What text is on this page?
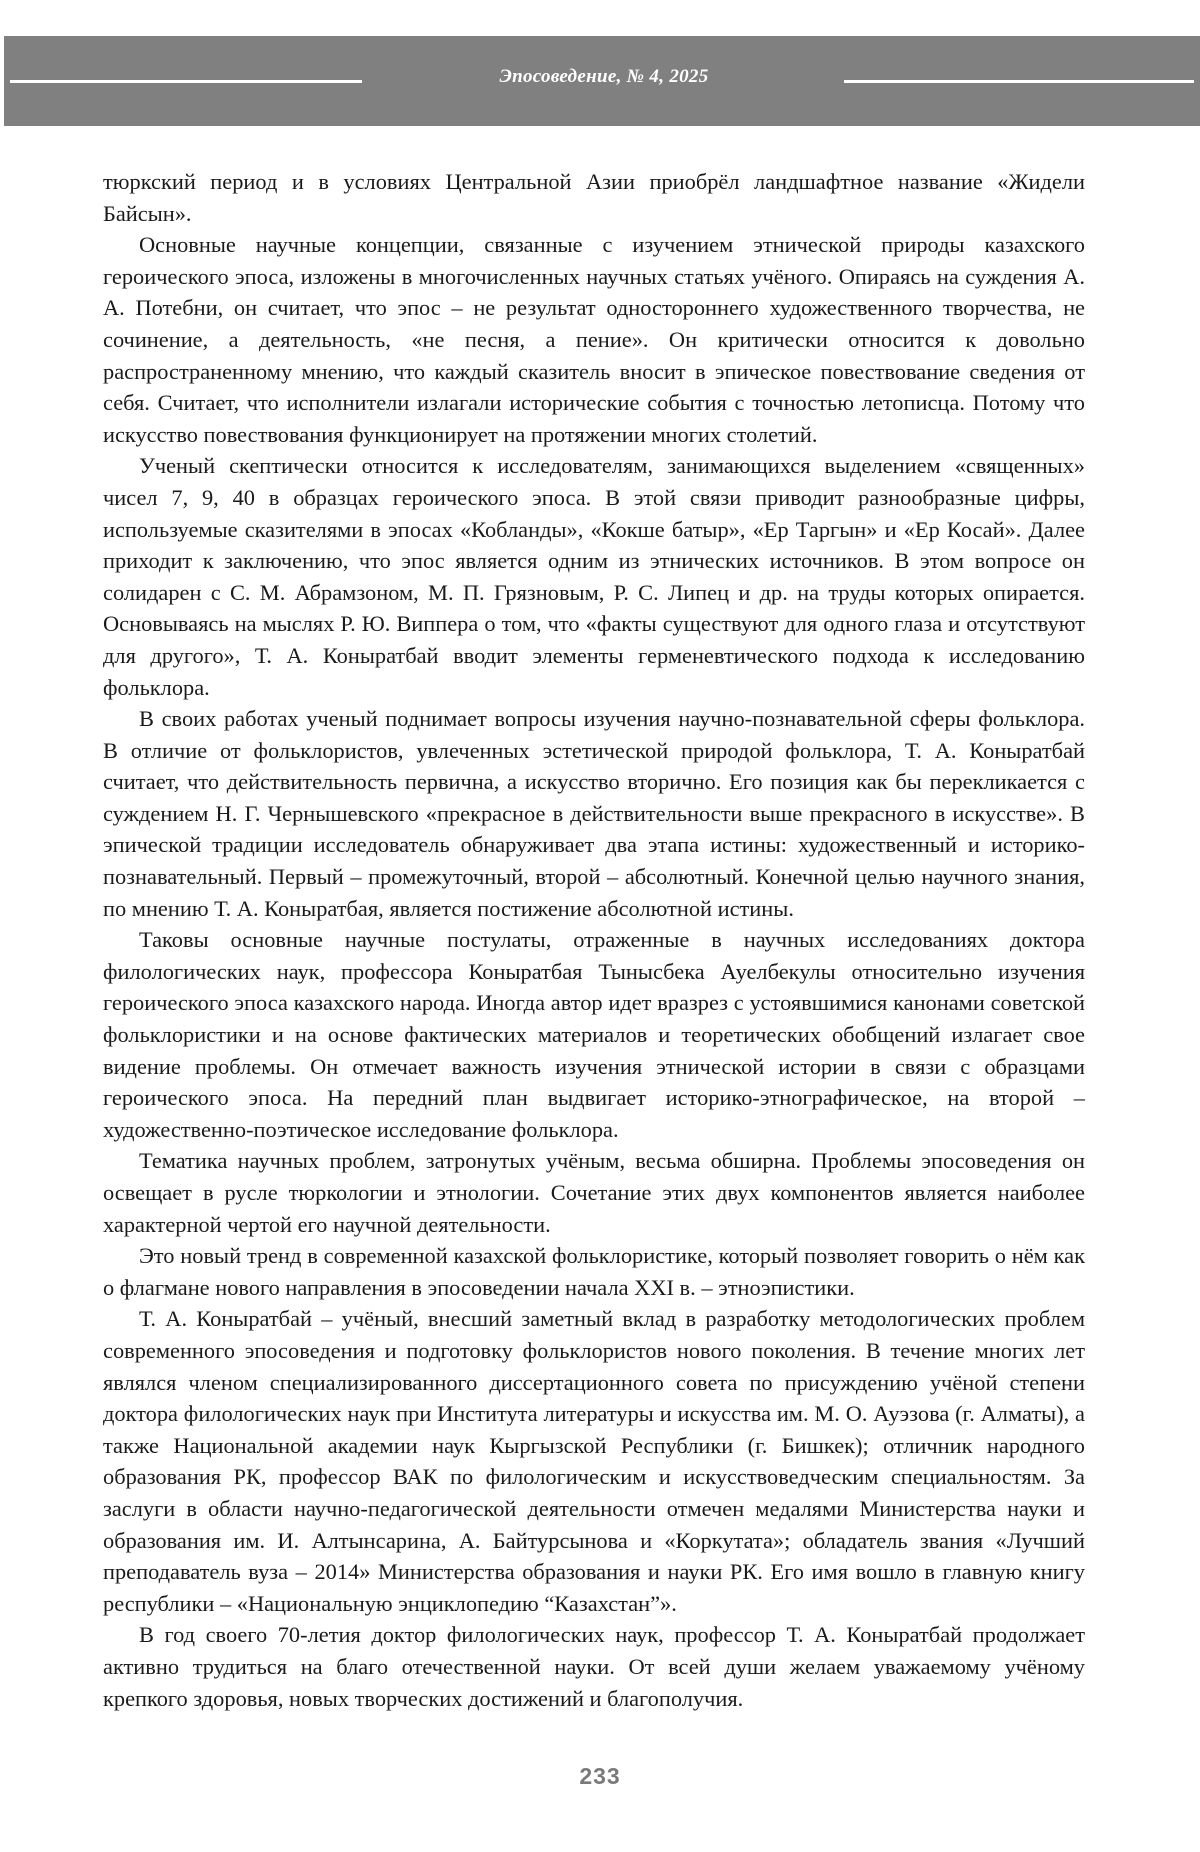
Эпосоведение, № 4, 2025

тюркский период и в условиях Центральной Азии приобрёл ландшафтное название «Жидели Байсын».

Основные научные концепции, связанные с изучением этнической природы казахского героического эпоса, изложены в многочисленных научных статьях учёного. Опираясь на суждения А. А. Потебни, он считает, что эпос – не результат одностороннего художественного творчества, не сочинение, а деятельность, «не песня, а пение». Он критически относится к довольно распространенному мнению, что каждый сказитель вносит в эпическое повествование сведения от себя. Считает, что исполнители излагали исторические события с точностью летописца. Потому что искусство повествования функционирует на протяжении многих столетий.

Ученый скептически относится к исследователям, занимающихся выделением «священных» чисел 7, 9, 40 в образцах героического эпоса. В этой связи приводит разнообразные цифры, используемые сказителями в эпосах «Кобланды», «Кокше батыр», «Ер Таргын» и «Ер Косай». Далее приходит к заключению, что эпос является одним из этнических источников. В этом вопросе он солидарен с С. М. Абрамзоном, М. П. Грязновым, Р. С. Липец и др. на труды которых опирается. Основываясь на мыслях Р. Ю. Виппера о том, что «факты существуют для одного глаза и отсутствуют для другого», Т. А. Коныратбай вводит элементы герменевтического подхода к исследованию фольклора.

В своих работах ученый поднимает вопросы изучения научно-познавательной сферы фольклора. В отличие от фольклористов, увлеченных эстетической природой фольклора, Т. А. Коныратбай считает, что действительность первична, а искусство вторично. Его позиция как бы перекликается с суждением Н. Г. Чернышевского «прекрасное в действительности выше прекрасного в искусстве». В эпической традиции исследователь обнаруживает два этапа истины: художественный и историко-познавательный. Первый – промежуточный, второй – абсолютный. Конечной целью научного знания, по мнению Т. А. Коныратбая, является постижение абсолютной истины.

Таковы основные научные постулаты, отраженные в научных исследованиях доктора филологических наук, профессора Коныратбая Тынысбека Ауелбекулы относительно изучения героического эпоса казахского народа. Иногда автор идет вразрез с устоявшимися канонами советской фольклористики и на основе фактических материалов и теоретических обобщений излагает свое видение проблемы. Он отмечает важность изучения этнической истории в связи с образцами героического эпоса. На передний план выдвигает историко-этнографическое, на второй – художественно-поэтическое исследование фольклора.

Тематика научных проблем, затронутых учёным, весьма обширна. Проблемы эпосоведения он освещает в русле тюркологии и этнологии. Сочетание этих двух компонентов является наиболее характерной чертой его научной деятельности.

Это новый тренд в современной казахской фольклористике, который позволяет говорить о нём как о флагмане нового направления в эпосоведении начала XXI в. – этноэпистики.

Т. А. Коныратбай – учёный, внесший заметный вклад в разработку методологических проблем современного эпосоведения и подготовку фольклористов нового поколения. В течение многих лет являлся членом специализированного диссертационного совета по присуждению учёной степени доктора филологических наук при Института литературы и искусства им. М. О. Ауэзова (г. Алматы), а также Национальной академии наук Кыргызской Республики (г. Бишкек); отличник народного образования РК, профессор ВАК по филологическим и искусствоведческим специальностям. За заслуги в области научно-педагогической деятельности отмечен медалями Министерства науки и образования им. И. Алтынсарина, А. Байтурсынова и «Коркутата»; обладатель звания «Лучший преподаватель вуза – 2014» Министерства образования и науки РК. Его имя вошло в главную книгу республики – «Национальную энциклопедию “Казахстан”».

В год своего 70-летия доктор филологических наук, профессор Т. А. Коныратбай продолжает активно трудиться на благо отечественной науки. От всей души желаем уважаемому учёному крепкого здоровья, новых творческих достижений и благополучия.

233
